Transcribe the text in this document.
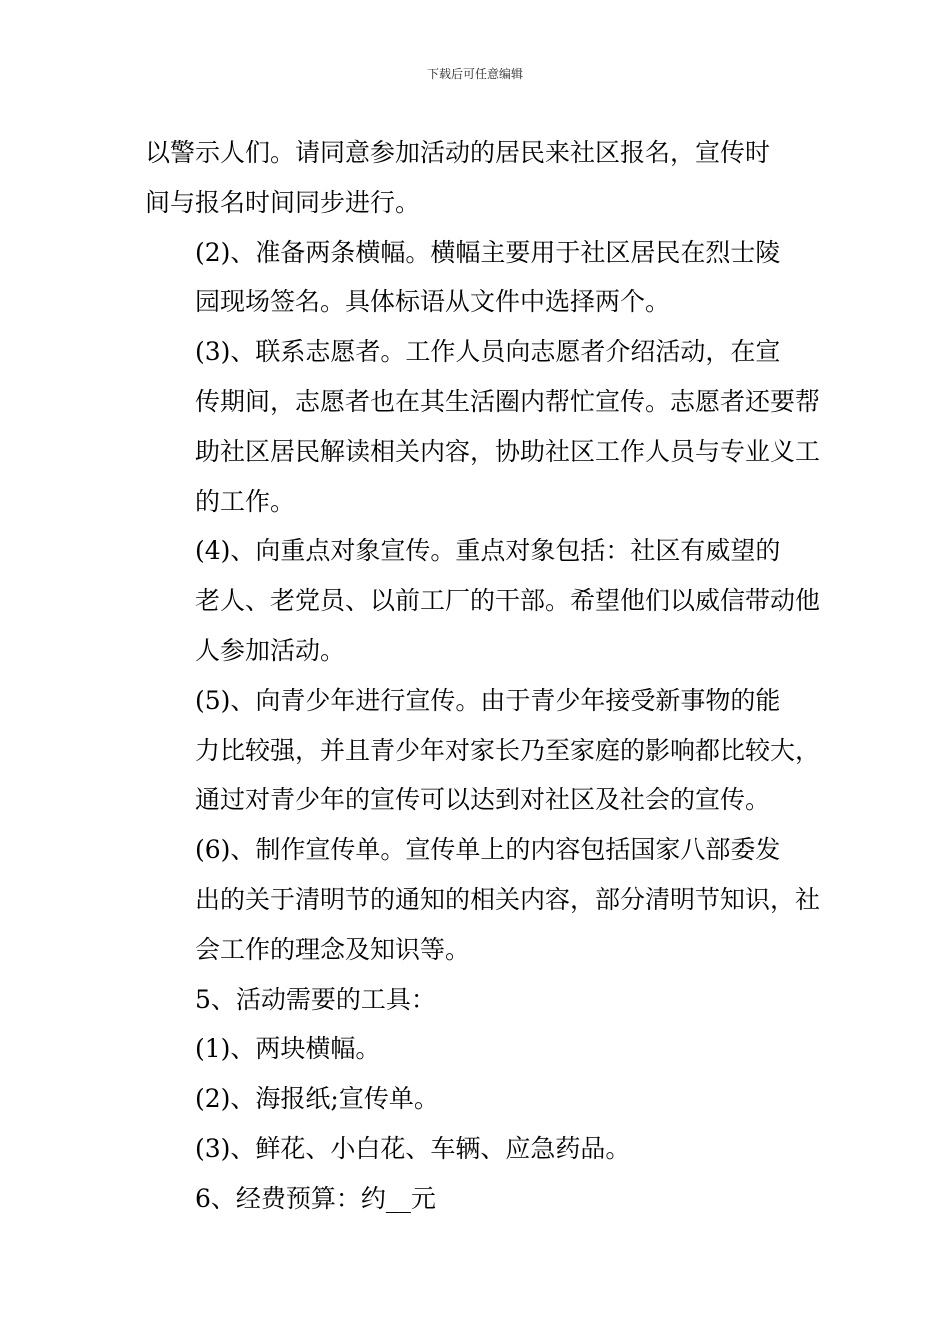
下载后可任意编辑

以警示人们。请同意参加活动的居民来社区报名，宣传时
间与报名时间同步进行。

(2)、准备两条横幅。横幅主要用于社区居民在烈士陵
园现场签名。具体标语从文件中选择两个。

(3)、联系志愿者。工作人员向志愿者介绍活动，在宣
传期间，志愿者也在其生活圈内帮忙宣传。志愿者还要帮
助社区居民解读相关内容，协助社区工作人员与专业义工
的工作。

(4)、向重点对象宣传。重点对象包括：社区有威望的
老人、老党员、以前工厂的干部。希望他们以威信带动他
人参加活动。

(5)、向青少年进行宣传。由于青少年接受新事物的能
力比较强，并且青少年对家长乃至家庭的影响都比较大，
通过对青少年的宣传可以达到对社区及社会的宣传。

(6)、制作宣传单。宣传单上的内容包括国家八部委发
出的关于清明节的通知的相关内容，部分清明节知识，社
会工作的理念及知识等。

5、活动需要的工具：

(1)、两块横幅。

(2)、海报纸;宣传单。

(3)、鲜花、小白花、车辆、应急药品。

6、经费预算：约__元
